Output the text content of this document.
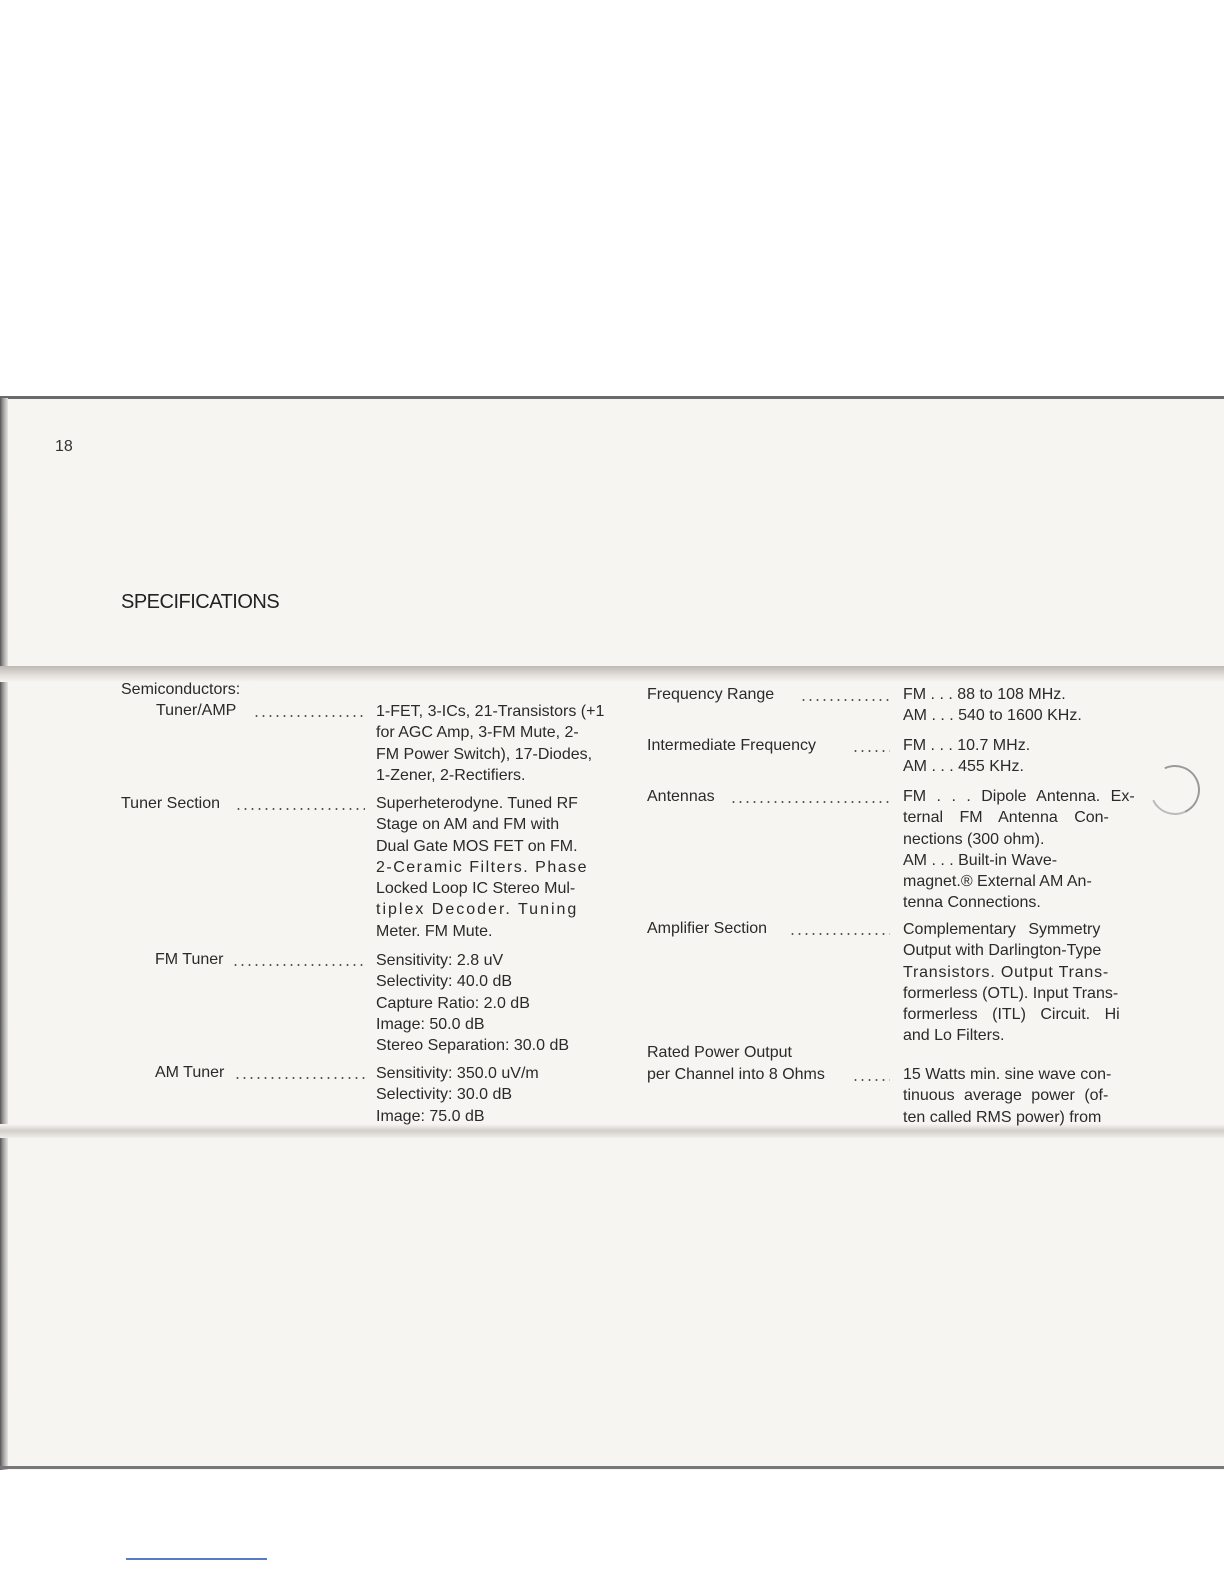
18
SPECIFICATIONS
Semiconductors:
Tuner/AMP	1-FET, 3-ICs, 21-Transistors (+1
for AGC Amp, 3-FM Mute, 2-
FM Power Switch), 17-Diodes,
1-Zener, 2-Rectifiers.
Tuner Section	Superheterodyne. Tuned RF
Stage on AM and FM with
Dual Gate MOS FET on FM.
2-Ceramic Filters. Phase
Locked Loop IC Stereo Mul-
tiplex Decoder. Tuning
Meter. FM Mute.
FM Tuner	Sensitivity: 2.8 uV
Selectivity: 40.0 dB
Capture Ratio: 2.0 dB
Image: 50.0 dB
Stereo Separation: 30.0 dB
AM Tuner	Sensitivity: 350.0 uV/m
Selectivity: 30.0 dB
Image: 75.0 dB
Frequency Range	FM . . . 88 to 108 MHz.
AM . . . 540 to 1600 KHz.
Intermediate Frequency	FM . . . 10.7 MHz.
AM . . . 455 KHz.
Antennas	FM . . . Dipole Antenna. Ex-
ternal FM Antenna Con-
nections (300 ohm).
AM . . . Built-in Wave-
magnet.® External AM An-
tenna Connections.
Amplifier Section	Complementary Symmetry
Output with Darlington-Type
Transistors. Output Trans-
formerless (OTL). Input Trans-
formerless (ITL) Circuit. Hi
and Lo Filters.
Rated Power Output
per Channel into 8 Ohms	15 Watts min. sine wave con-
tinuous average power (of-
ten called RMS power) from
